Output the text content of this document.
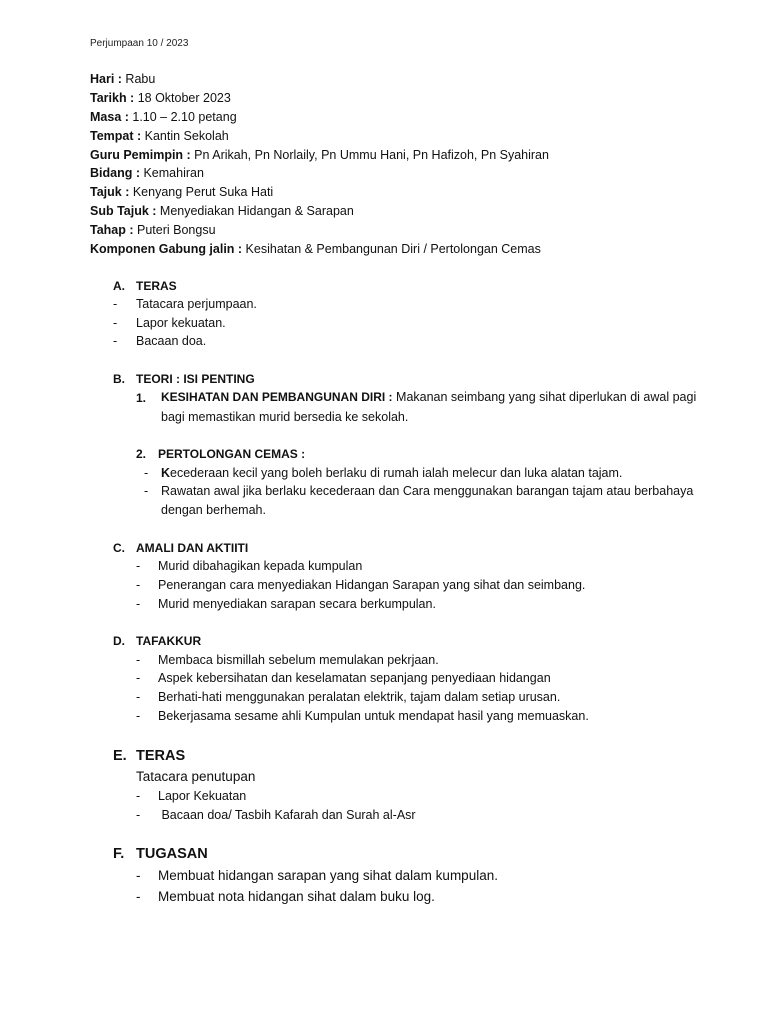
Perjumpaan 10 / 2023
Hari : Rabu
Tarikh : 18 Oktober 2023
Masa : 1.10 – 2.10 petang
Tempat : Kantin Sekolah
Guru Pemimpin : Pn Arikah, Pn Norlaily, Pn Ummu Hani, Pn Hafizoh, Pn Syahiran
Bidang : Kemahiran
Tajuk : Kenyang Perut Suka Hati
Sub Tajuk : Menyediakan Hidangan & Sarapan
Tahap : Puteri Bongsu
Komponen Gabung jalin : Kesihatan & Pembangunan Diri / Pertolongan Cemas
A. TERAS
- Tatacara perjumpaan.
- Lapor kekuatan.
- Bacaan doa.
B. TEORI : ISI PENTING
1. KESIHATAN DAN PEMBANGUNAN DIRI : Makanan seimbang yang sihat diperlukan di awal pagi
bagi memastikan murid bersedia ke sekolah.
2. PERTOLONGAN CEMAS :
- Kecederaan kecil yang boleh berlaku di rumah ialah melecur dan luka alatan tajam.
- Rawatan awal jika berlaku kecederaan dan Cara menggunakan barangan tajam atau berbahaya
dengan berhemah.
C. AMALI DAN AKTIITI
- Murid dibahagikan kepada kumpulan
- Penerangan cara menyediakan Hidangan Sarapan yang sihat dan seimbang.
- Murid menyediakan sarapan secara berkumpulan.
D. TAFAKKUR
- Membaca bismillah sebelum memulakan pekrjaan.
- Aspek kebersihatan dan keselamatan sepanjang penyediaan hidangan
- Berhati-hati menggunakan peralatan elektrik, tajam dalam setiap urusan.
- Bekerjasama sesame ahli Kumpulan untuk mendapat hasil yang memuaskan.
E. TERAS
Tatacara penutupan
- Lapor Kekuatan
- Bacaan doa/ Tasbih Kafarah dan Surah al-Asr
F. TUGASAN
- Membuat hidangan sarapan yang sihat dalam kumpulan.
- Membuat nota hidangan sihat dalam buku log.
